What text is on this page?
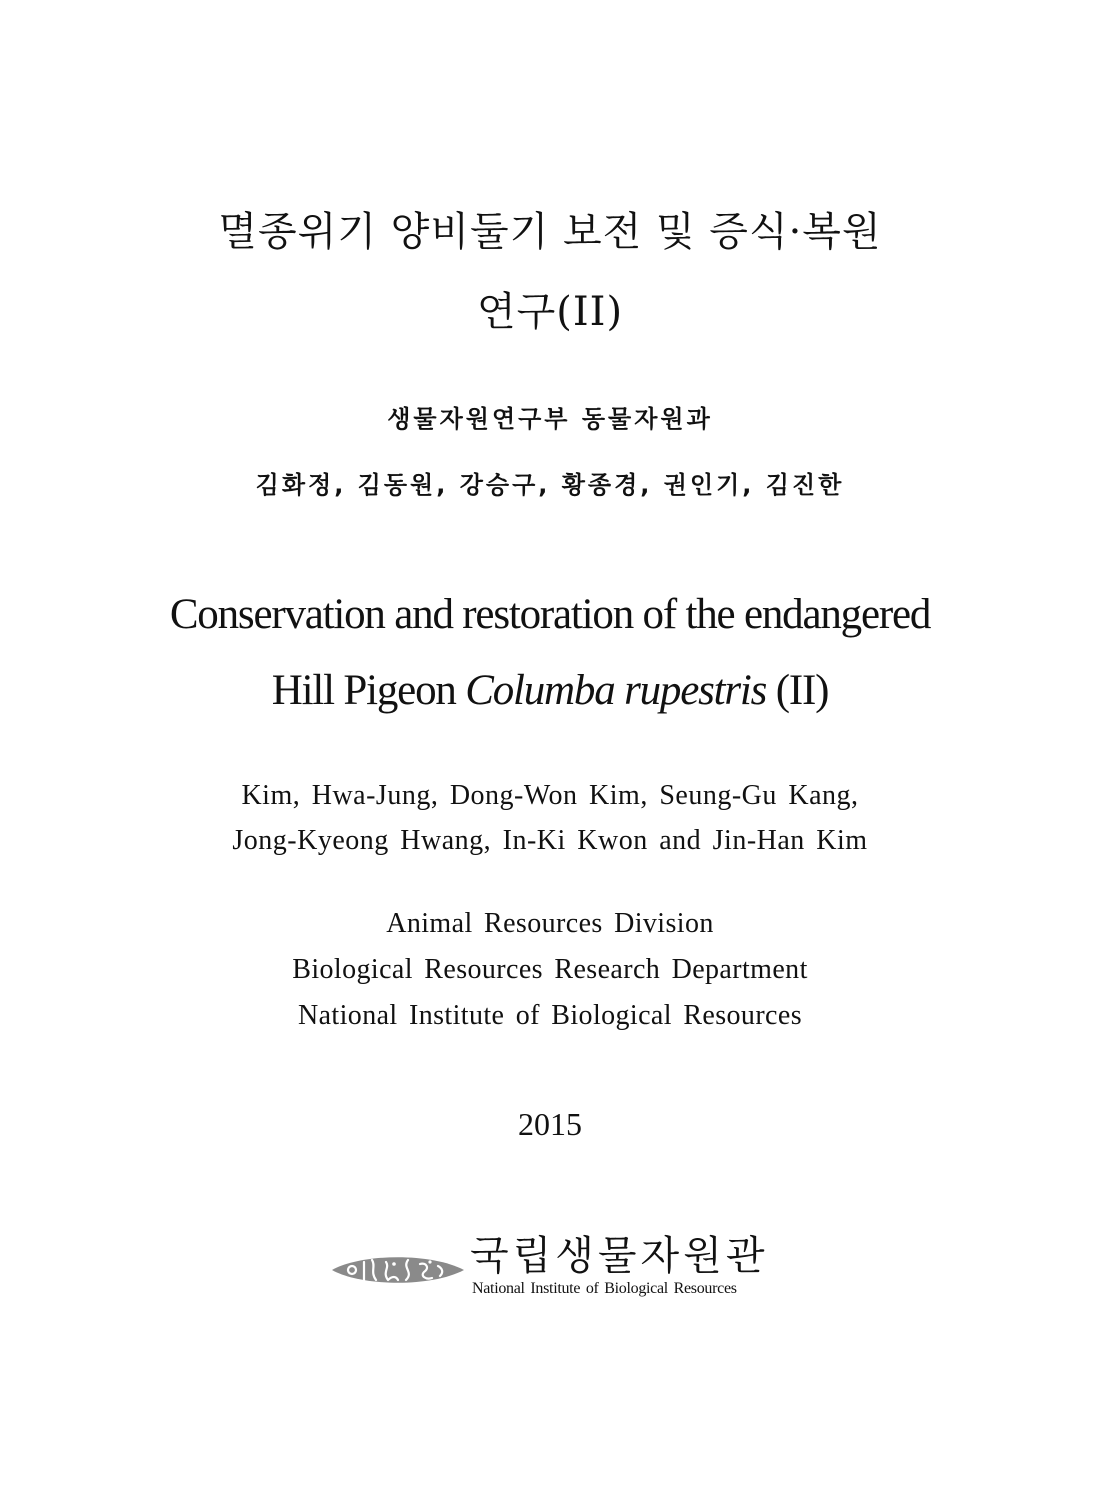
멸종위기 양비둘기 보전 및 증식·복원
연구(II)
생물자원연구부 동물자원과
김화정, 김동원, 강승구, 황종경, 권인기, 김진한
Conservation and restoration of the endangered
Hill Pigeon Columba rupestris (II)
Kim, Hwa-Jung, Dong-Won Kim, Seung-Gu Kang,
Jong-Kyeong Hwang, In-Ki Kwon and Jin-Han Kim
Animal Resources Division
Biological Resources Research Department
National Institute of Biological Resources
2015
국립생물자원관
National Institute of Biological Resources
